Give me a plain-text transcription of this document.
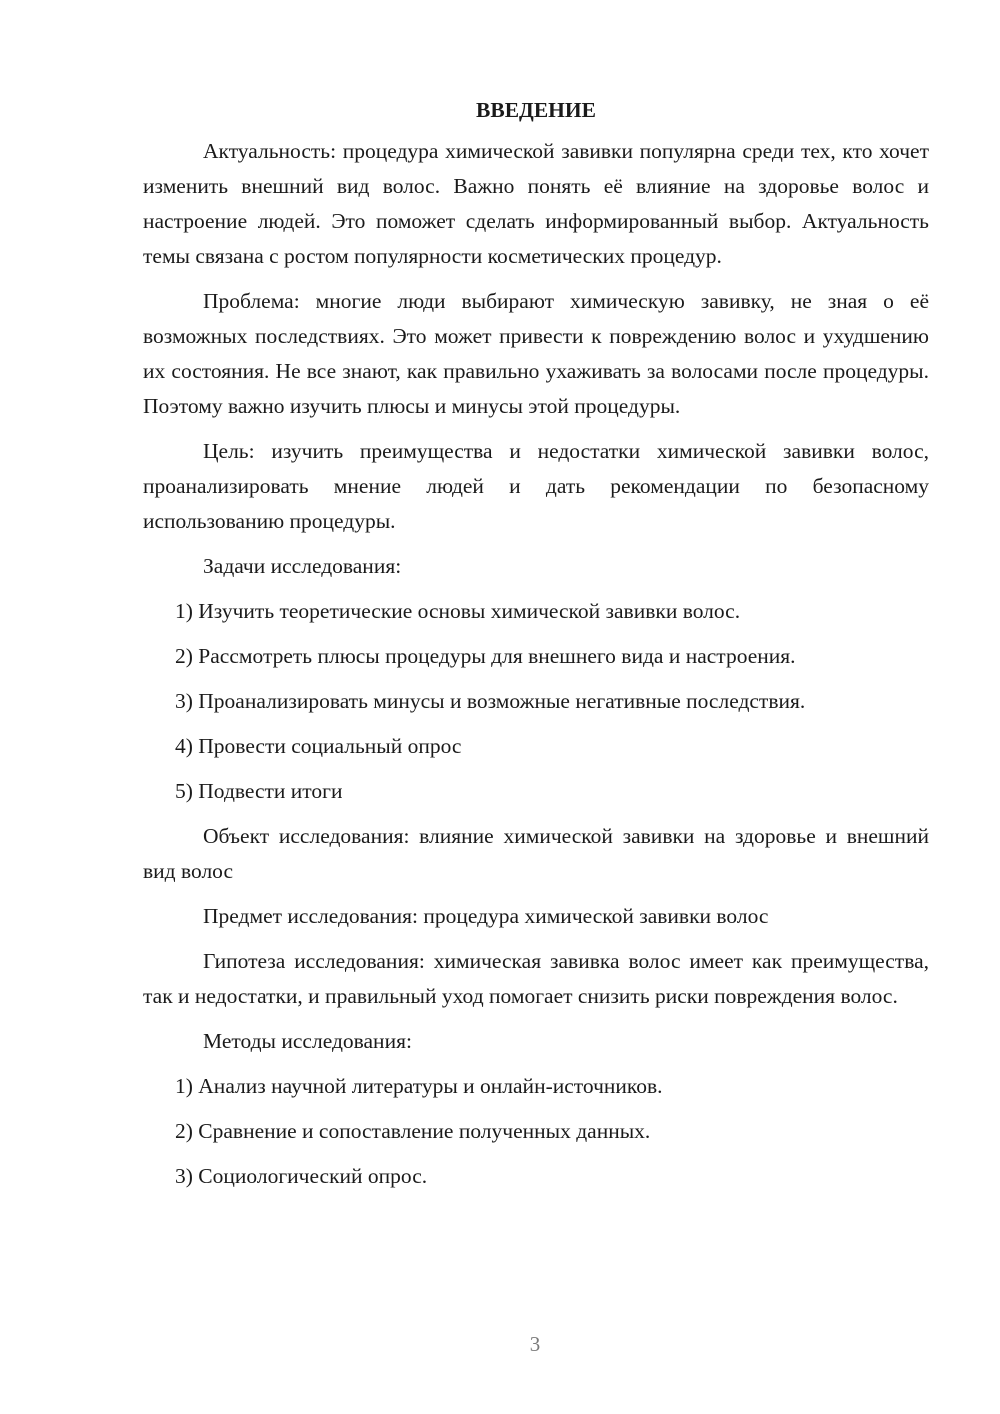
ВВЕДЕНИЕ

Актуальность: процедура химической завивки популярна среди тех, кто хочет изменить внешний вид волос. Важно понять её влияние на здоровье волос и настроение людей. Это поможет сделать информированный выбор. Актуальность темы связана с ростом популярности косметических процедур.

Проблема: многие люди выбирают химическую завивку, не зная о её возможных последствиях. Это может привести к повреждению волос и ухудшению их состояния. Не все знают, как правильно ухаживать за волосами после процедуры. Поэтому важно изучить плюсы и минусы этой процедуры.

Цель: изучить преимущества и недостатки химической завивки волос, проанализировать мнение людей и дать рекомендации по безопасному использованию процедуры.

Задачи исследования:

1) Изучить теоретические основы химической завивки волос.

2) Рассмотреть плюсы процедуры для внешнего вида и настроения.

3) Проанализировать минусы и возможные негативные последствия.

4) Провести социальный опрос

5) Подвести итоги

Объект исследования: влияние химической завивки на здоровье и внешний вид волос

Предмет исследования: процедура химической завивки волос

Гипотеза исследования: химическая завивка волос имеет как преимущества, так и недостатки, и правильный уход помогает снизить риски повреждения волос.

Методы исследования:

1) Анализ научной литературы и онлайн-источников.

2) Сравнение и сопоставление полученных данных.

3) Социологический опрос.

3
